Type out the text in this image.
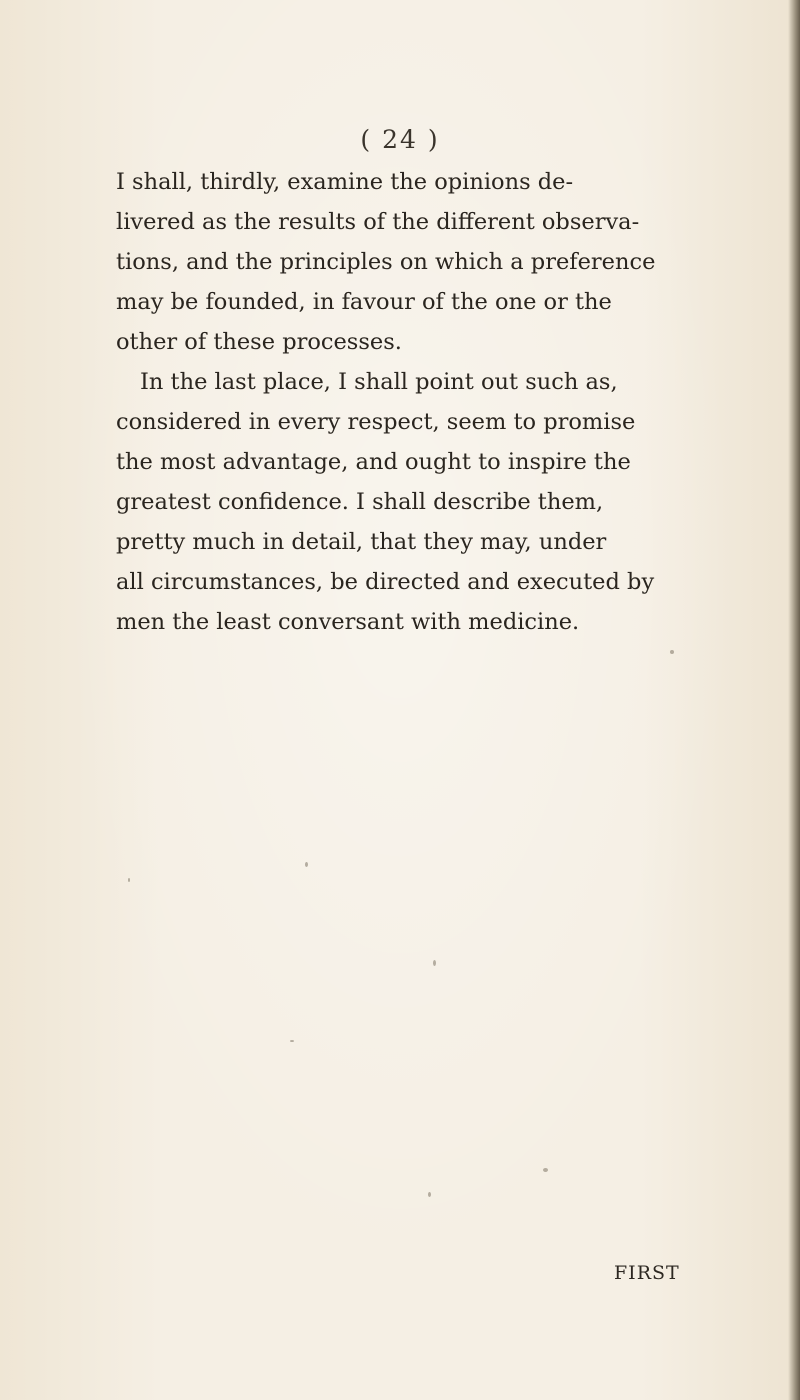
( 24 )
I shall, thirdly, examine the opinions de-
livered as the results of the different observa-
tions, and the principles on which a preference
may be founded, in favour of the one or the
other of these processes.
In the last place, I shall point out such as,
considered in every respect, seem to promise
the most advantage, and ought to inspire the
greatest confidence. I shall describe them,
pretty much in detail, that they may, under
all circumstances, be directed and executed by
men the least conversant with medicine.
FIRST
